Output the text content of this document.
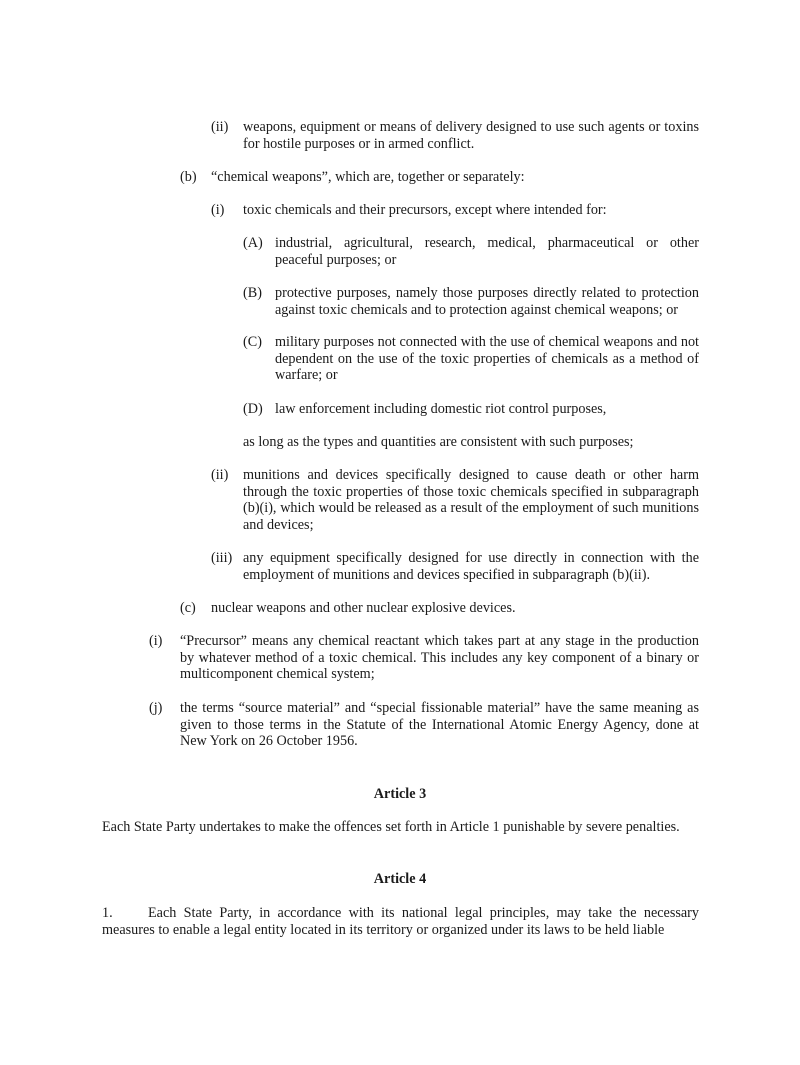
(ii) weapons, equipment or means of delivery designed to use such agents or toxins for hostile purposes or in armed conflict.
(b) “chemical weapons”, which are, together or separately:
(i) toxic chemicals and their precursors, except where intended for:
(A) industrial, agricultural, research, medical, pharmaceutical or other peaceful purposes; or
(B) protective purposes, namely those purposes directly related to protection against toxic chemicals and to protection against chemical weapons; or
(C) military purposes not connected with the use of chemical weapons and not dependent on the use of the toxic properties of chemicals as a method of warfare; or
(D) law enforcement including domestic riot control purposes,
as long as the types and quantities are consistent with such purposes;
(ii) munitions and devices specifically designed to cause death or other harm through the toxic properties of those toxic chemicals specified in subparagraph (b)(i), which would be released as a result of the employment of such munitions and devices;
(iii) any equipment specifically designed for use directly in connection with the employment of munitions and devices specified in subparagraph (b)(ii).
(c) nuclear weapons and other nuclear explosive devices.
(i) “Precursor” means any chemical reactant which takes part at any stage in the production by whatever method of a toxic chemical. This includes any key component of a binary or multicomponent chemical system;
(j) the terms “source material” and “special fissionable material” have the same meaning as given to those terms in the Statute of the International Atomic Energy Agency, done at New York on 26 October 1956.
Article 3
Each State Party undertakes to make the offences set forth in Article 1 punishable by severe penalties.
Article 4
1. Each State Party, in accordance with its national legal principles, may take the necessary measures to enable a legal entity located in its territory or organized under its laws to be held liable
